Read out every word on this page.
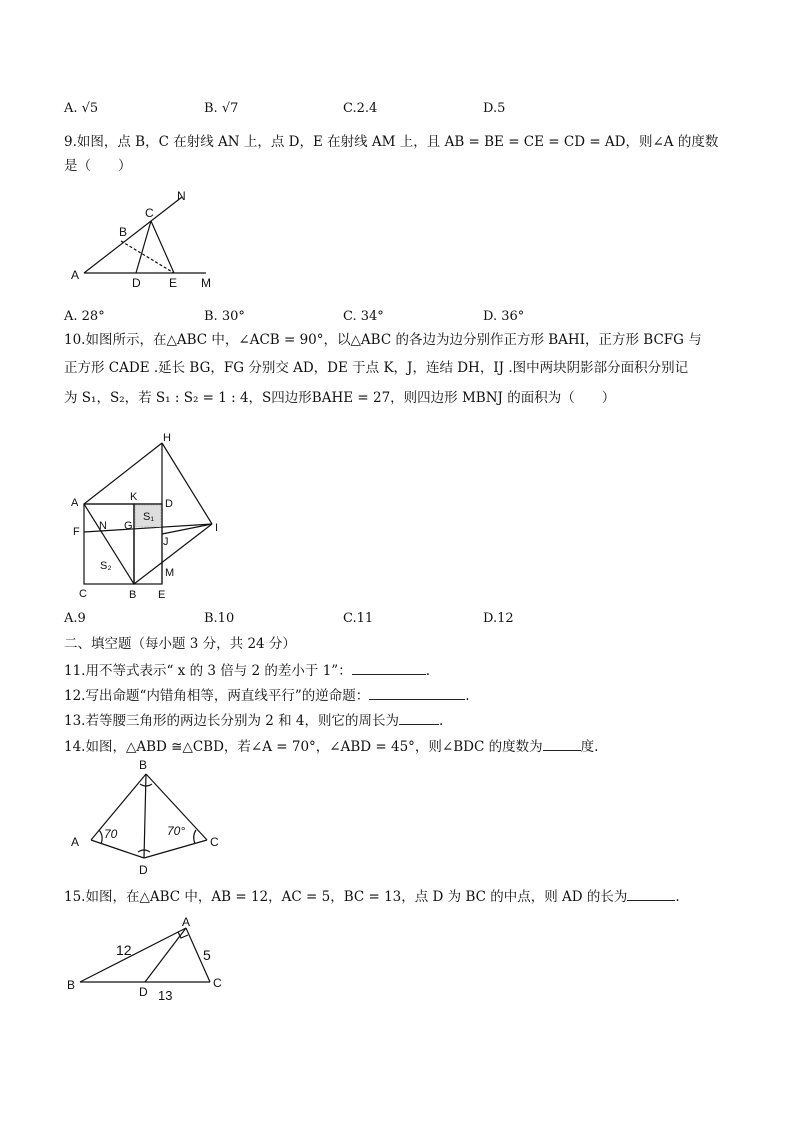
A. √5	B. √7	C.2.4	D.5
9.如图，点 B，C 在射线 AN 上，点 D，E 在射线 AM 上，且 AB = BE = CE = CD = AD，则∠A 的度数
是（　　）
N
C
B
A
D E M
A. 28°	B. 30°	C. 34°	D. 36°
10.如图所示，在△ABC 中，∠ACB = 90°，以△ABC 的各边为边分别作正方形 BAHI，正方形 BCFG 与
正方形 CADE .延长 BG，FG 分别交 AD，DE 于点 K，J，连结 DH，IJ .图中两块阴影部分面积分别记
为 S₁，S₂，若 S₁ : S₂ = 1 : 4，S四边形BAHE = 27，则四边形 MBNJ 的面积为（　　）
H
A	K
D
S₁
F N G	I
J
S₂
M
C	B E
A.9	B.10	C.11	D.12
二、填空题（每小题 3 分，共 24 分）
11.用不等式表示“ x 的 3 倍与 2 的差小于 1”：	.
12.写出命题“内错角相等，两直线平行”的逆命题：	.
13.若等腰三角形的两边长分别为 2 和 4，则它的周长为	.
14.如图，△ABD ≅△CBD，若∠A = 70°，∠ABD = 45°，则∠BDC 的度数为	度.
B
A	C
D
70	70°
15.如图，在△ABC 中，AB = 12，AC = 5，BC = 13，点 D 为 BC 的中点，则 AD 的长为	.
A
B	C
D
12	5
13
